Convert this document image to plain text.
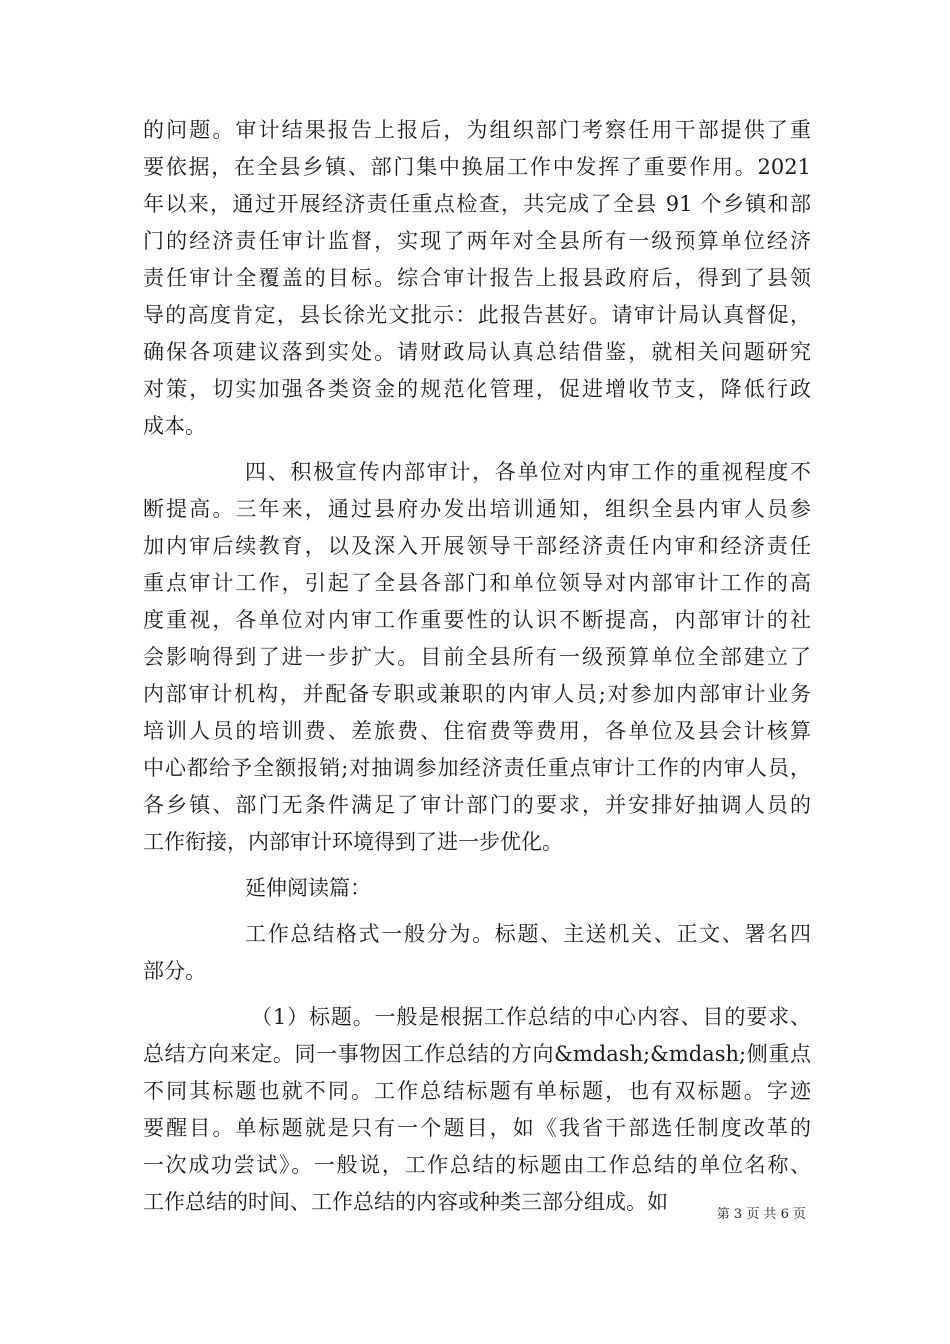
的问题。审计结果报告上报后，为组织部门考察任用干部提供了重
要依据，在全县乡镇、部门集中换届工作中发挥了重要作用。2021
年以来，通过开展经济责任重点检查，共完成了全县 91 个乡镇和部
门的经济责任审计监督，实现了两年对全县所有一级预算单位经济
责任审计全覆盖的目标。综合审计报告上报县政府后，得到了县领
导的高度肯定，县长徐光文批示：此报告甚好。请审计局认真督促，
确保各项建议落到实处。请财政局认真总结借鉴，就相关问题研究
对策，切实加强各类资金的规范化管理，促进增收节支，降低行政
成本。
四、积极宣传内部审计，各单位对内审工作的重视程度不
断提高。三年来，通过县府办发出培训通知，组织全县内审人员参
加内审后续教育，以及深入开展领导干部经济责任内审和经济责任
重点审计工作，引起了全县各部门和单位领导对内部审计工作的高
度重视，各单位对内审工作重要性的认识不断提高，内部审计的社
会影响得到了进一步扩大。目前全县所有一级预算单位全部建立了
内部审计机构，并配备专职或兼职的内审人员;对参加内部审计业务
培训人员的培训费、差旅费、住宿费等费用，各单位及县会计核算
中心都给予全额报销;对抽调参加经济责任重点审计工作的内审人员，
各乡镇、部门无条件满足了审计部门的要求，并安排好抽调人员的
工作衔接，内部审计环境得到了进一步优化。
延伸阅读篇：
工作总结格式一般分为。标题、主送机关、正文、署名四
部分。
（1）标题。一般是根据工作总结的中心内容、目的要求、
总结方向来定。同一事物因工作总结的方向&mdash;&mdash;侧重点
不同其标题也就不同。工作总结标题有单标题，也有双标题。字迹
要醒目。单标题就是只有一个题目，如《我省干部选任制度改革的
一次成功尝试》。一般说，工作总结的标题由工作总结的单位名称、
工作总结的时间、工作总结的内容或种类三部分组成。如
第 3 页 共 6 页
